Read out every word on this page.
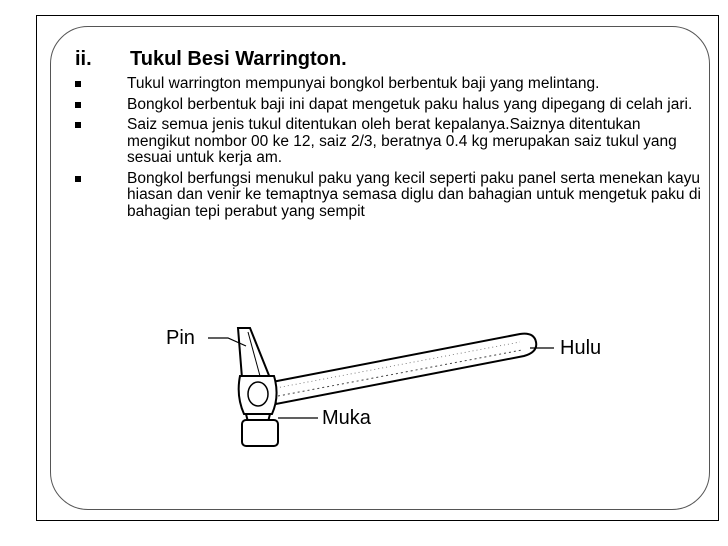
ii. Tukul Besi Warrington.
Tukul warrington mempunyai bongkol berbentuk baji yang melintang.
Bongkol berbentuk baji ini dapat mengetuk paku halus yang dipegang di celah jari.
Saiz semua jenis tukul ditentukan oleh berat kepalanya.Saiznya ditentukan mengikut nombor 00 ke 12, saiz 2/3, beratnya 0.4 kg merupakan saiz tukul yang sesuai untuk kerja am.
Bongkol berfungsi menukul paku yang kecil seperti paku panel serta menekan kayu hiasan dan venir ke temaptnya semasa diglu dan bahagian untuk mengetuk paku di bahagian tepi perabut yang sempit
Pin	Hulu
Muka
